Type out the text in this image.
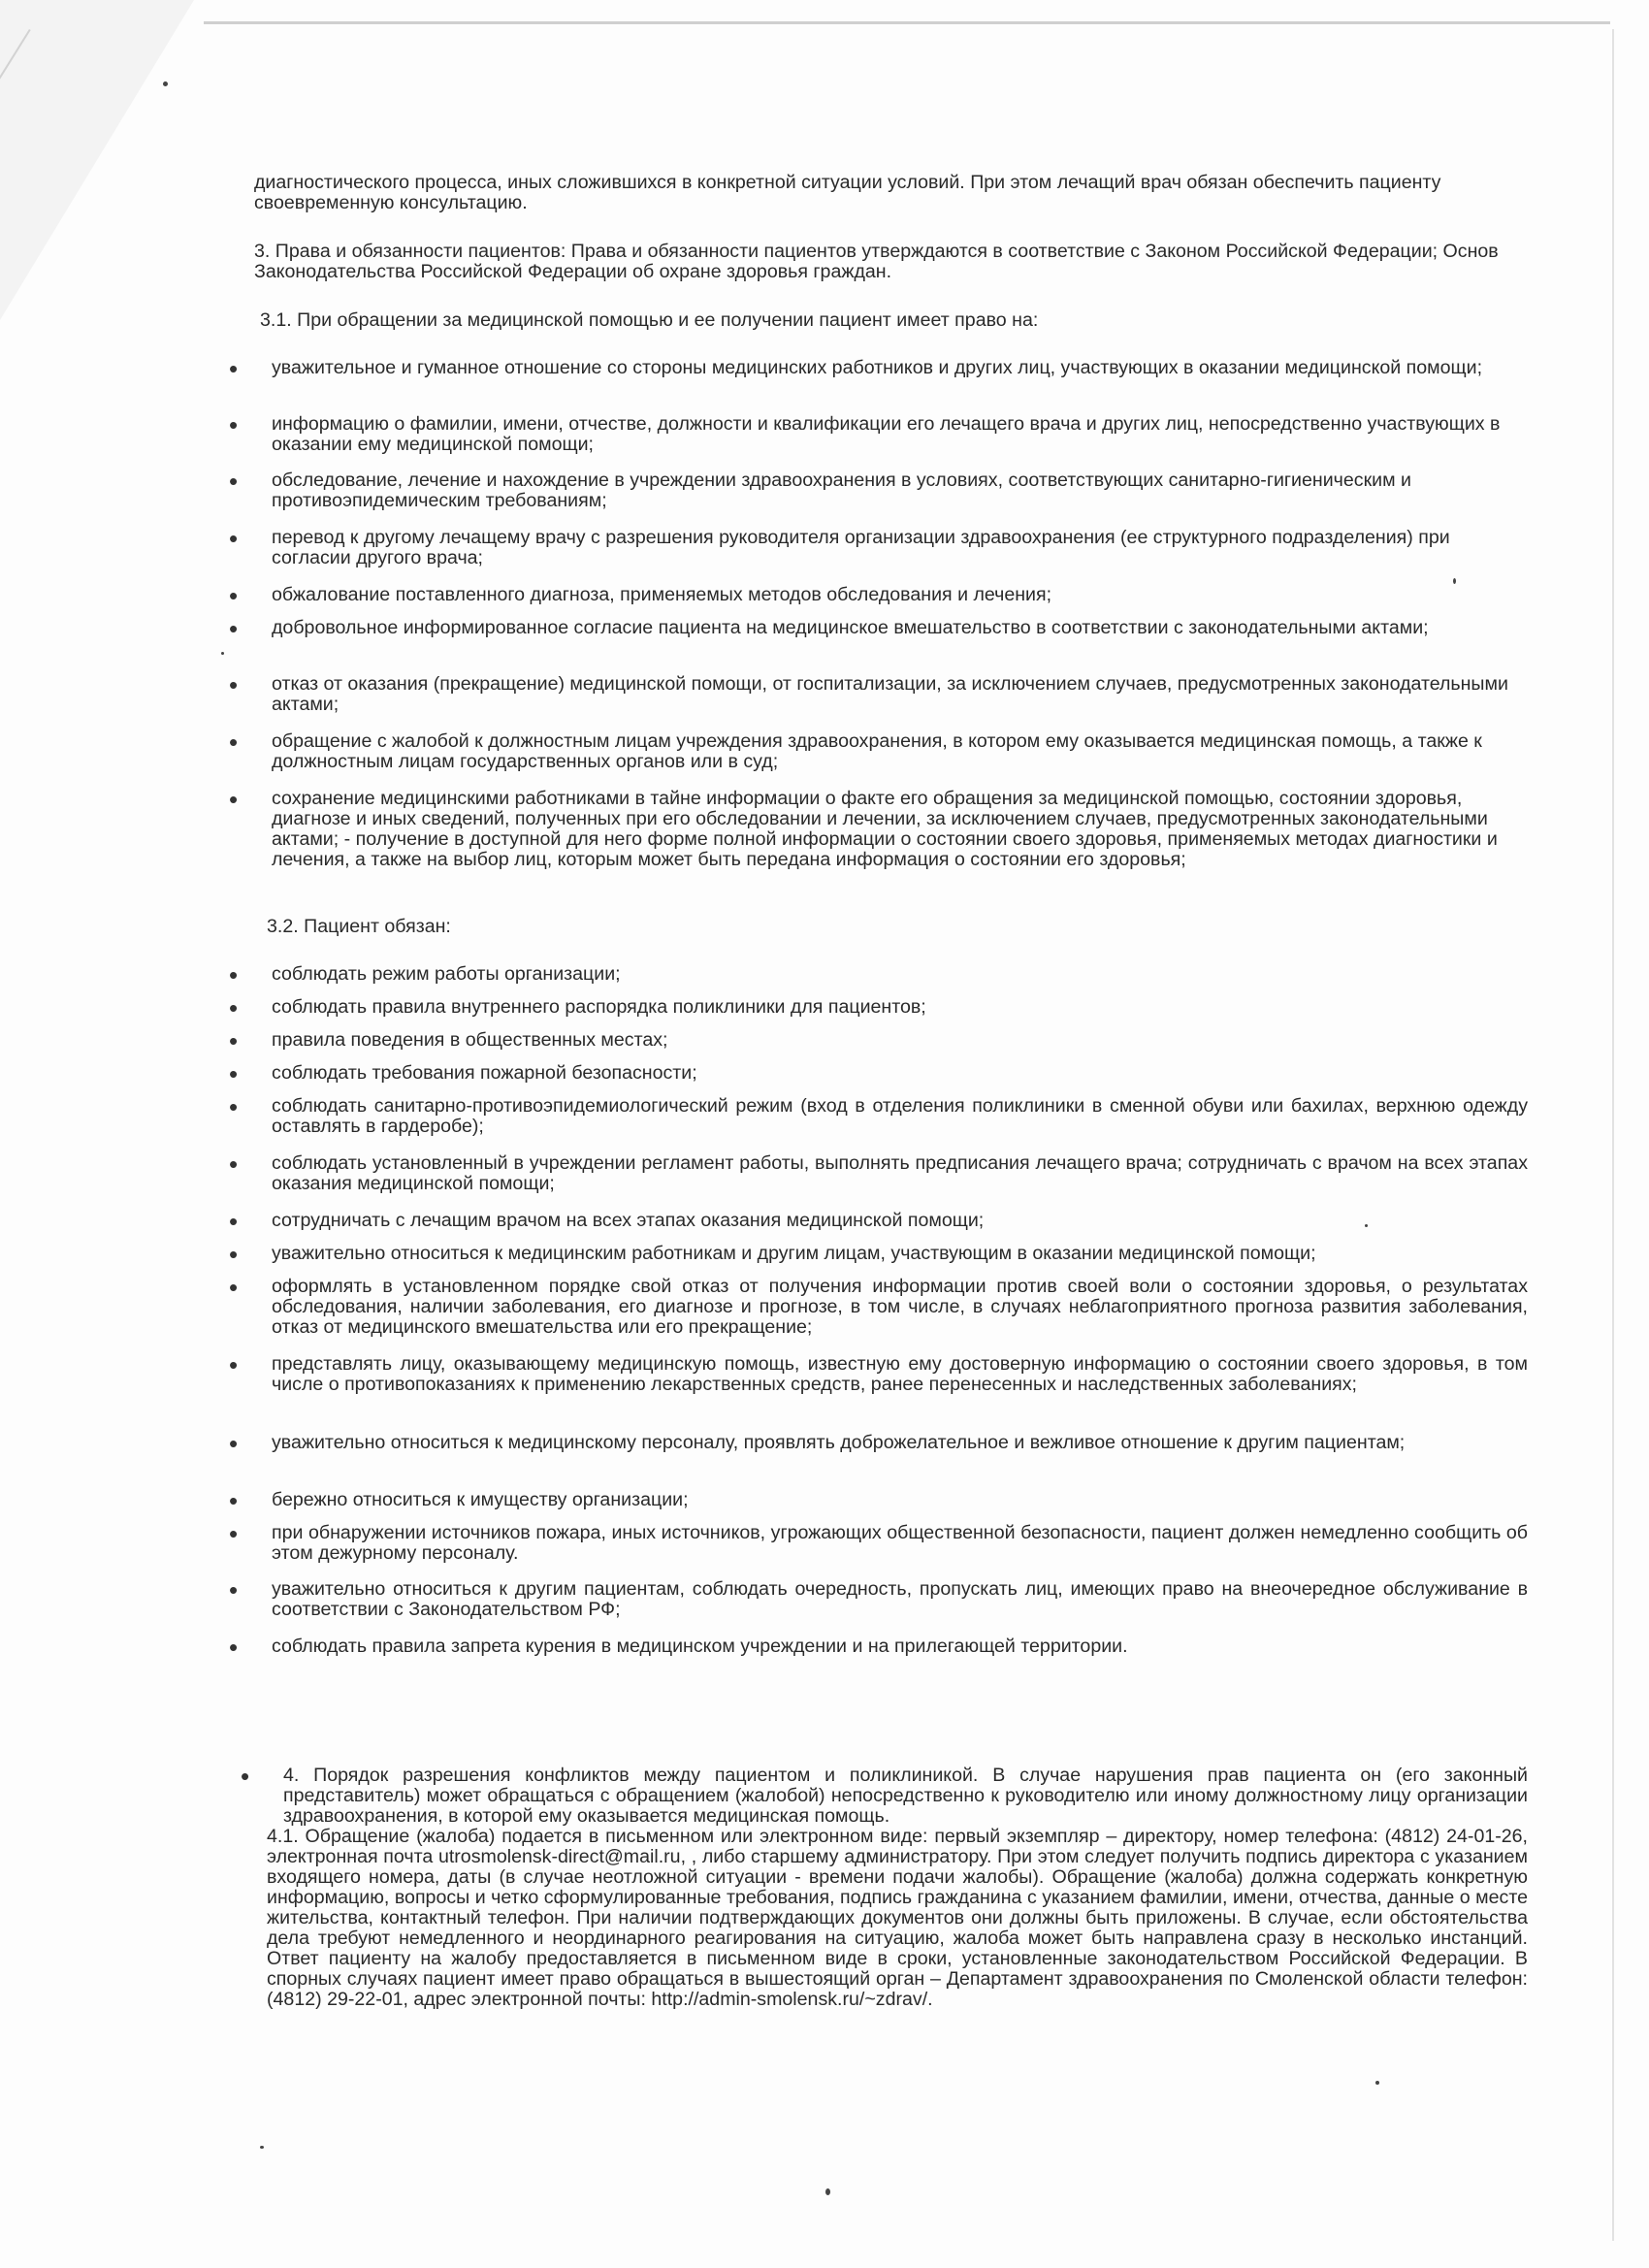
диагностического процесса, иных сложившихся в конкретной ситуации условий. При этом лечащий врач обязан обеспечить пациенту своевременную консультацию.

3. Права и обязанности пациентов: Права и обязанности пациентов утверждаются в соответствие с Законом Российской Федерации; Основ Законодательства Российской Федерации об охране здоровья граждан.

3.1. При обращении за медицинской помощью и ее получении пациент имеет право на:

• уважительное и гуманное отношение со стороны медицинских работников и других лиц, участвующих в оказании медицинской помощи;
• информацию о фамилии, имени, отчестве, должности и квалификации его лечащего врача и других лиц, непосредственно участвующих в оказании ему медицинской помощи;
• обследование, лечение и нахождение в учреждении здравоохранения в условиях, соответствующих санитарно-гигиеническим и противоэпидемическим требованиям;
• перевод к другому лечащему врачу с разрешения руководителя организации здравоохранения (ее структурного подразделения) при согласии другого врача;
• обжалование поставленного диагноза, применяемых методов обследования и лечения;
• добровольное информированное согласие пациента на медицинское вмешательство в соответствии с законодательными актами;
• отказ от оказания (прекращение) медицинской помощи, от госпитализации, за исключением случаев, предусмотренных законодательными актами;
• обращение с жалобой к должностным лицам учреждения здравоохранения, в котором ему оказывается медицинская помощь, а также к должностным лицам государственных органов или в суд;
• сохранение медицинскими работниками в тайне информации о факте его обращения за медицинской помощью, состоянии здоровья, диагнозе и иных сведений, полученных при его обследовании и лечении, за исключением случаев, предусмотренных законодательными актами; - получение в доступной для него форме полной информации о состоянии своего здоровья, применяемых методах диагностики и лечения, а также на выбор лиц, которым может быть передана информация о состоянии его здоровья;

3.2. Пациент обязан:

• соблюдать режим работы организации;
• соблюдать правила внутреннего распорядка поликлиники для пациентов;
• правила поведения в общественных местах;
• соблюдать требования пожарной безопасности;
• соблюдать санитарно-противоэпидемиологический режим (вход в отделения поликлиники в сменной обуви или бахилах, верхнюю одежду оставлять в гардеробе);
• соблюдать установленный в учреждении регламент работы, выполнять предписания лечащего врача; сотрудничать с врачом на всех этапах оказания медицинской помощи;
• сотрудничать с лечащим врачом на всех этапах оказания медицинской помощи;
• уважительно относиться к медицинским работникам и другим лицам, участвующим в оказании медицинской помощи;
• оформлять в установленном порядке свой отказ от получения информации против своей воли о состоянии здоровья, о результатах обследования, наличии заболевания, его диагнозе и прогнозе, в том числе, в случаях неблагоприятного прогноза развития заболевания, отказ от медицинского вмешательства или его прекращение;
• представлять лицу, оказывающему медицинскую помощь, известную ему достоверную информацию о состоянии своего здоровья, в том числе о противопоказаниях к применению лекарственных средств, ранее перенесенных и наследственных заболеваниях;
• уважительно относиться к медицинскому персоналу, проявлять доброжелательное и вежливое отношение к другим пациентам;
• бережно относиться к имуществу организации;
• при обнаружении источников пожара, иных источников, угрожающих общественной безопасности, пациент должен немедленно сообщить об этом дежурному персоналу.
• уважительно относиться к другим пациентам, соблюдать очередность, пропускать лиц, имеющих право на внеочередное обслуживание в соответствии с Законодательством РФ;
• соблюдать правила запрета курения в медицинском учреждении и на прилегающей территории.
• 4. Порядок разрешения конфликтов между пациентом и поликлиникой. В случае нарушения прав пациента он (его законный представитель) может обращаться с обращением (жалобой) непосредственно к руководителю или иному должностному лицу организации здравоохранения, в которой ему оказывается медицинская помощь.

4.1. Обращение (жалоба) подается в письменном или электронном виде: первый экземпляр – директору, номер телефона: (4812) 24-01-26, электронная почта utrosmolensk-direct@mail.ru, , либо старшему администратору. При этом следует получить подпись директора с указанием входящего номера, даты (в случае неотложной ситуации - времени подачи жалобы). Обращение (жалоба) должна содержать конкретную информацию, вопросы и четко сформулированные требования, подпись гражданина с указанием фамилии, имени, отчества, данные о месте жительства, контактный телефон. При наличии подтверждающих документов они должны быть приложены. В случае, если обстоятельства дела требуют немедленного и неординарного реагирования на ситуацию, жалоба может быть направлена сразу в несколько инстанций. Ответ пациенту на жалобу предоставляется в письменном виде в сроки, установленные законодательством Российской Федерации. В спорных случаях пациент имеет право обращаться в вышестоящий орган – Департамент здравоохранения по Смоленской области телефон: (4812) 29-22-01, адрес электронной почты: http://admin-smolensk.ru/~zdrav/.
